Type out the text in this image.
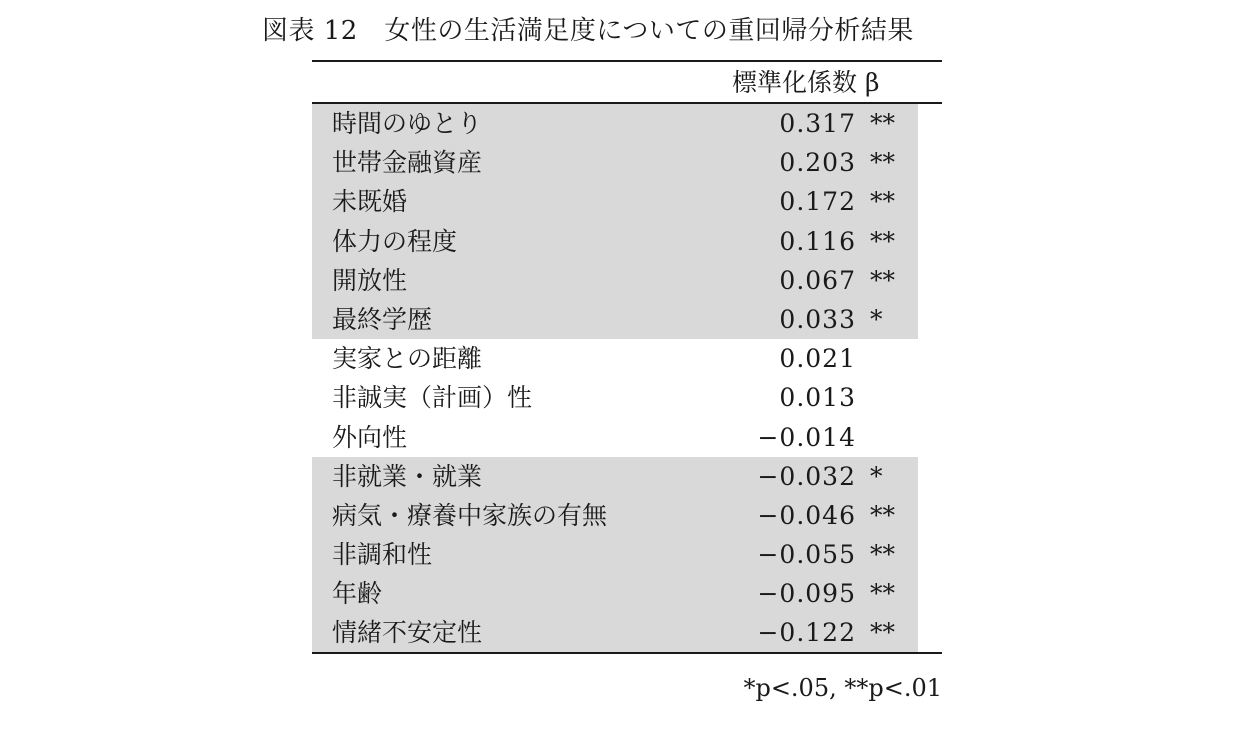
図表 12　女性の生活満足度についての重回帰分析結果
標準化係数 β
時間のゆとり	0.317 **
世帯金融資産	0.203 **
未既婚	0.172 **
体力の程度	0.116 **
開放性	0.067 **
最終学歴	0.033 *
実家との距離	0.021
非誠実（計画）性	0.013
外向性	−0.014
非就業・就業	−0.032 *
病気・療養中家族の有無	−0.046 **
非調和性	−0.055 **
年齢	−0.095 **
情緒不安定性	−0.122 **
*p<.05, **p<.01
